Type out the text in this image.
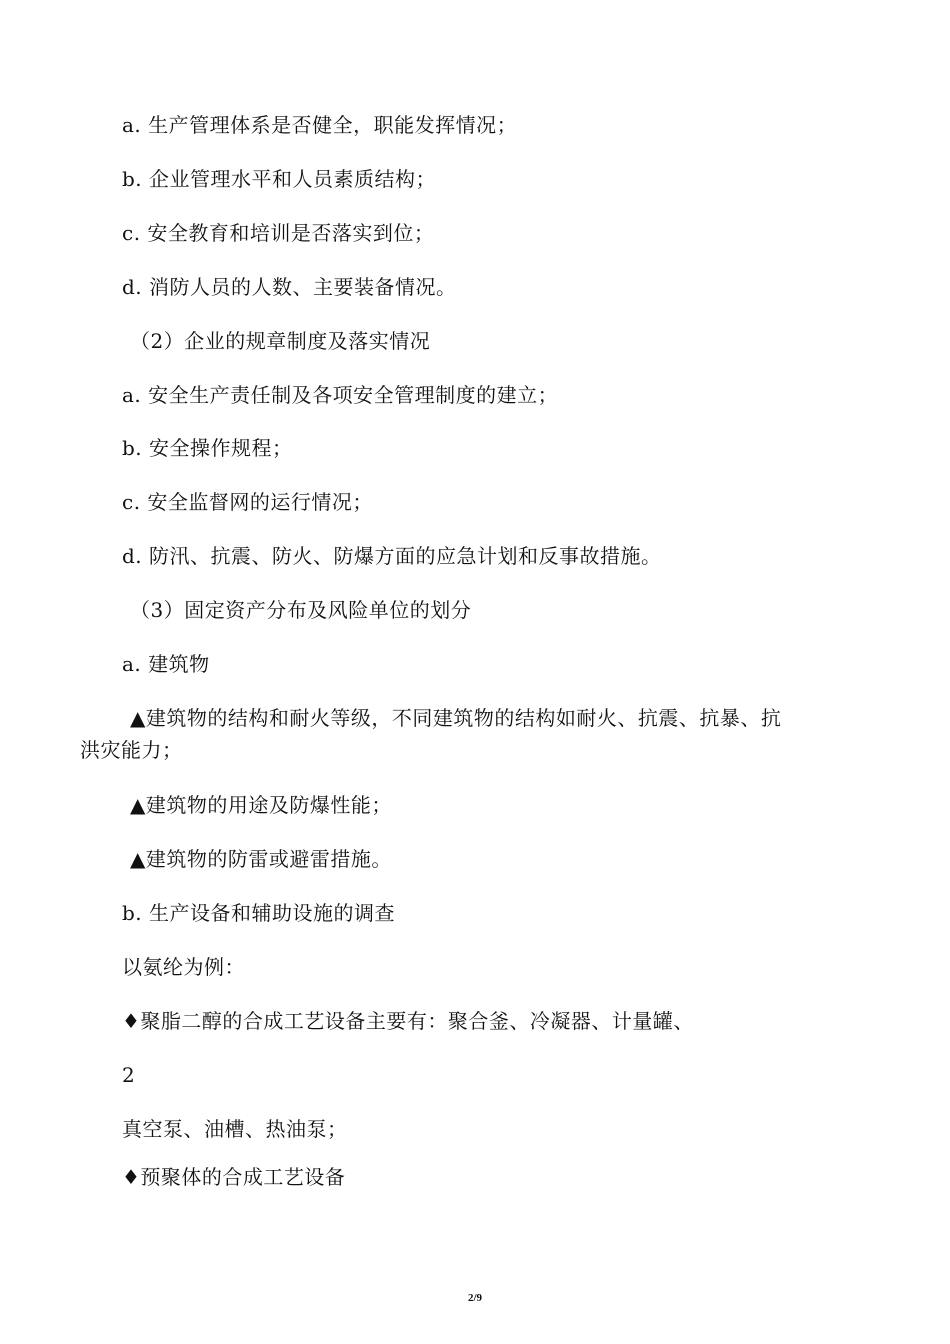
a. 生产管理体系是否健全，职能发挥情况；
b. 企业管理水平和人员素质结构；
c. 安全教育和培训是否落实到位；
d. 消防人员的人数、主要装备情况。
（2）企业的规章制度及落实情况
a. 安全生产责任制及各项安全管理制度的建立；
b. 安全操作规程；
c. 安全监督网的运行情况；
d. 防汛、抗震、防火、防爆方面的应急计划和反事故措施。
（3）固定资产分布及风险单位的划分
a. 建筑物
▲建筑物的结构和耐火等级，不同建筑物的结构如耐火、抗震、抗暴、抗
洪灾能力；
▲建筑物的用途及防爆性能；
▲建筑物的防雷或避雷措施。
b. 生产设备和辅助设施的调查
以氨纶为例：
♦聚脂二醇的合成工艺设备主要有：聚合釜、冷凝器、计量罐、
2
真空泵、油槽、热油泵；
♦预聚体的合成工艺设备
2/9
